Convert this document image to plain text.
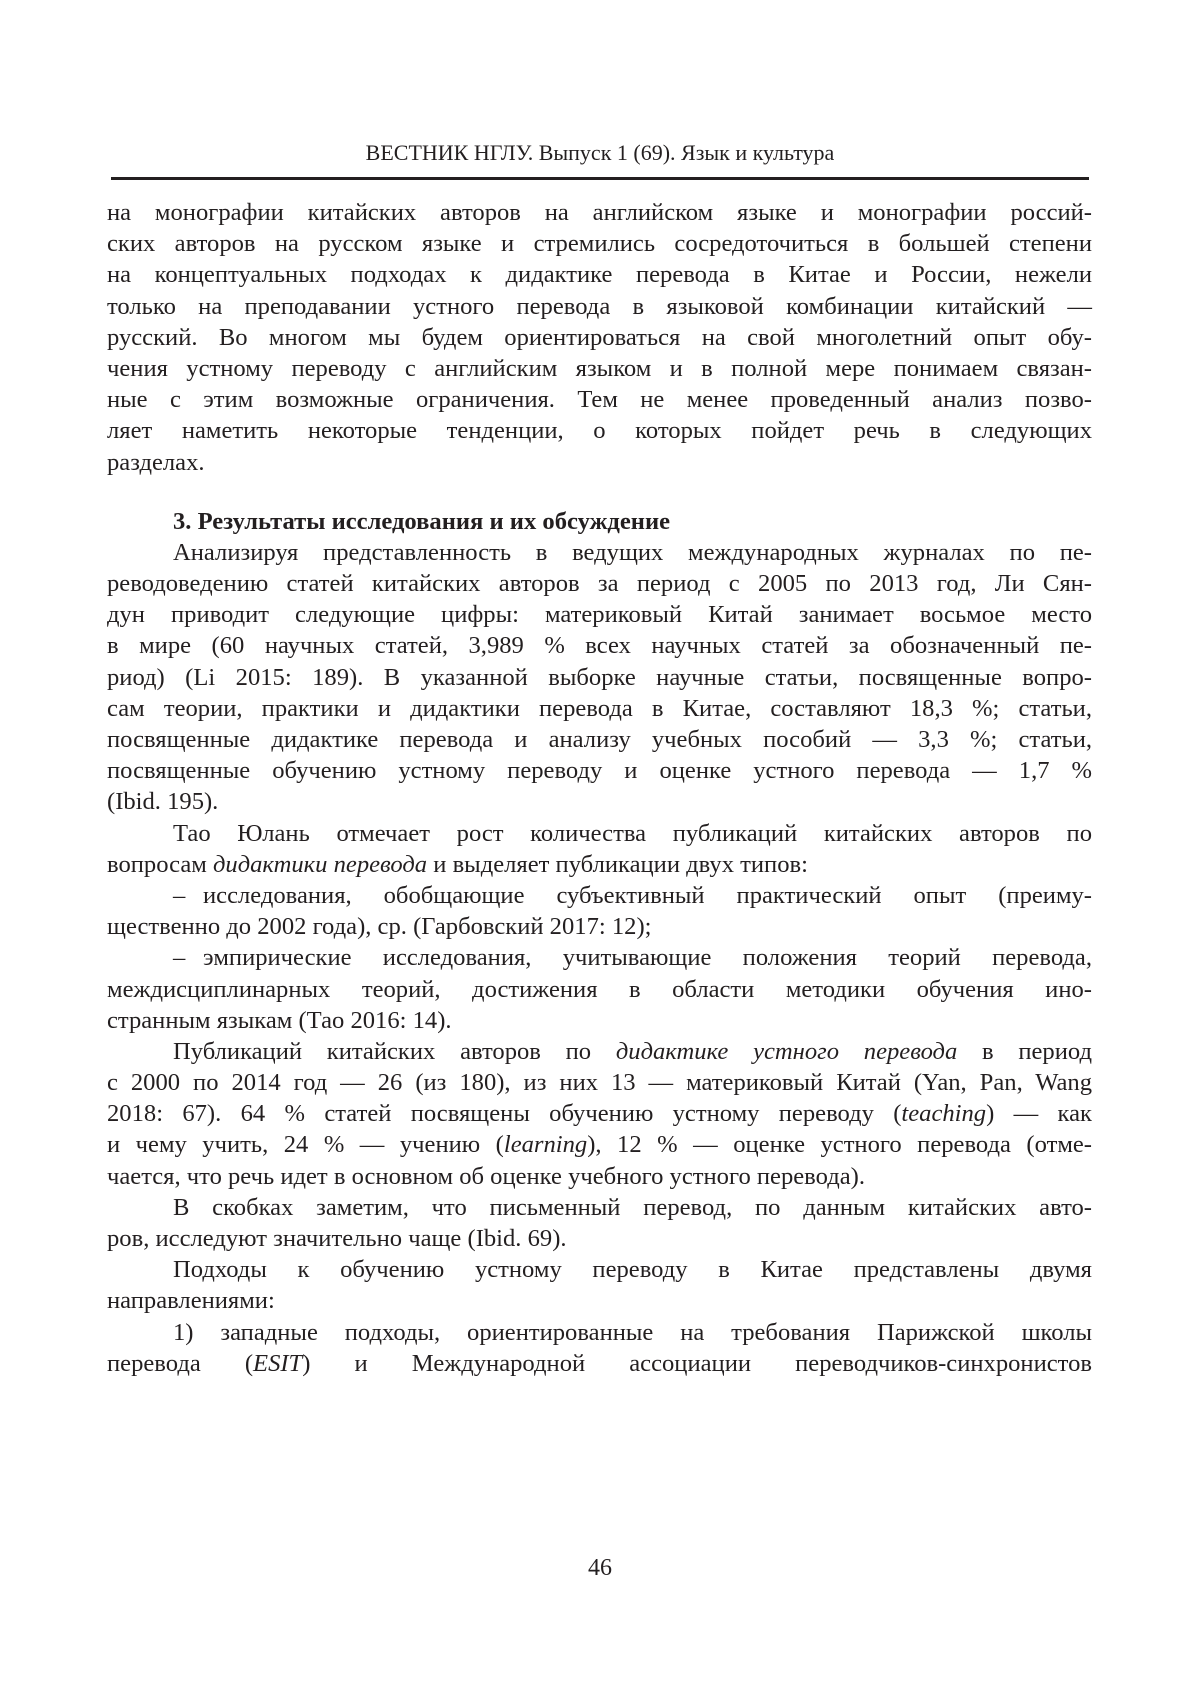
ВЕСТНИК НГЛУ. Выпуск 1 (69). Язык и культура
на монографии китайских авторов на английском языке и монографии россий-
ских авторов на русском языке и стремились сосредоточиться в большей степени
на концептуальных подходах к дидактике перевода в Китае и России, нежели
только на преподавании устного перевода в языковой комбинации китайский —
русский. Во многом мы будем ориентироваться на свой многолетний опыт обу-
чения устному переводу с английским языком и в полной мере понимаем связан-
ные с этим возможные ограничения. Тем не менее проведенный анализ позво-
ляет наметить некоторые тенденции, о которых пойдет речь в следующих
разделах.
3. Результаты исследования и их обсуждение
Анализируя представленность в ведущих международных журналах по пе-
реводоведению статей китайских авторов за период с 2005 по 2013 год, Ли Сян-
дун приводит следующие цифры: материковый Китай занимает восьмое место
в мире (60 научных статей, 3,989 % всех научных статей за обозначенный пе-
риод) (Li 2015: 189). В указанной выборке научные статьи, посвященные вопро-
сам теории, практики и дидактики перевода в Китае, составляют 18,3 %; статьи,
посвященные дидактике перевода и анализу учебных пособий — 3,3 %; статьи,
посвященные обучению устному переводу и оценке устного перевода — 1,7 %
(Ibid. 195).
Тао Юлань отмечает рост количества публикаций китайских авторов по
вопросам дидактики перевода и выделяет публикации двух типов:
– исследования, обобщающие субъективный практический опыт (преиму-
щественно до 2002 года), ср. (Гарбовский 2017: 12);
– эмпирические исследования, учитывающие положения теорий перевода,
междисциплинарных теорий, достижения в области методики обучения ино-
странным языкам (Тао 2016: 14).
Публикаций китайских авторов по дидактике устного перевода в период
с 2000 по 2014 год — 26 (из 180), из них 13 — материковый Китай (Yan, Pan, Wang
2018: 67). 64 % статей посвящены обучению устному переводу (teaching) — как
и чему учить, 24 % — учению (learning), 12 % — оценке устного перевода (отме-
чается, что речь идет в основном об оценке учебного устного перевода).
В скобках заметим, что письменный перевод, по данным китайских авто-
ров, исследуют значительно чаще (Ibid. 69).
Подходы к обучению устному переводу в Китае представлены двумя
направлениями:
1) западные подходы, ориентированные на требования Парижской школы
перевода (ESIT) и Международной ассоциации переводчиков-синхронистов
46
